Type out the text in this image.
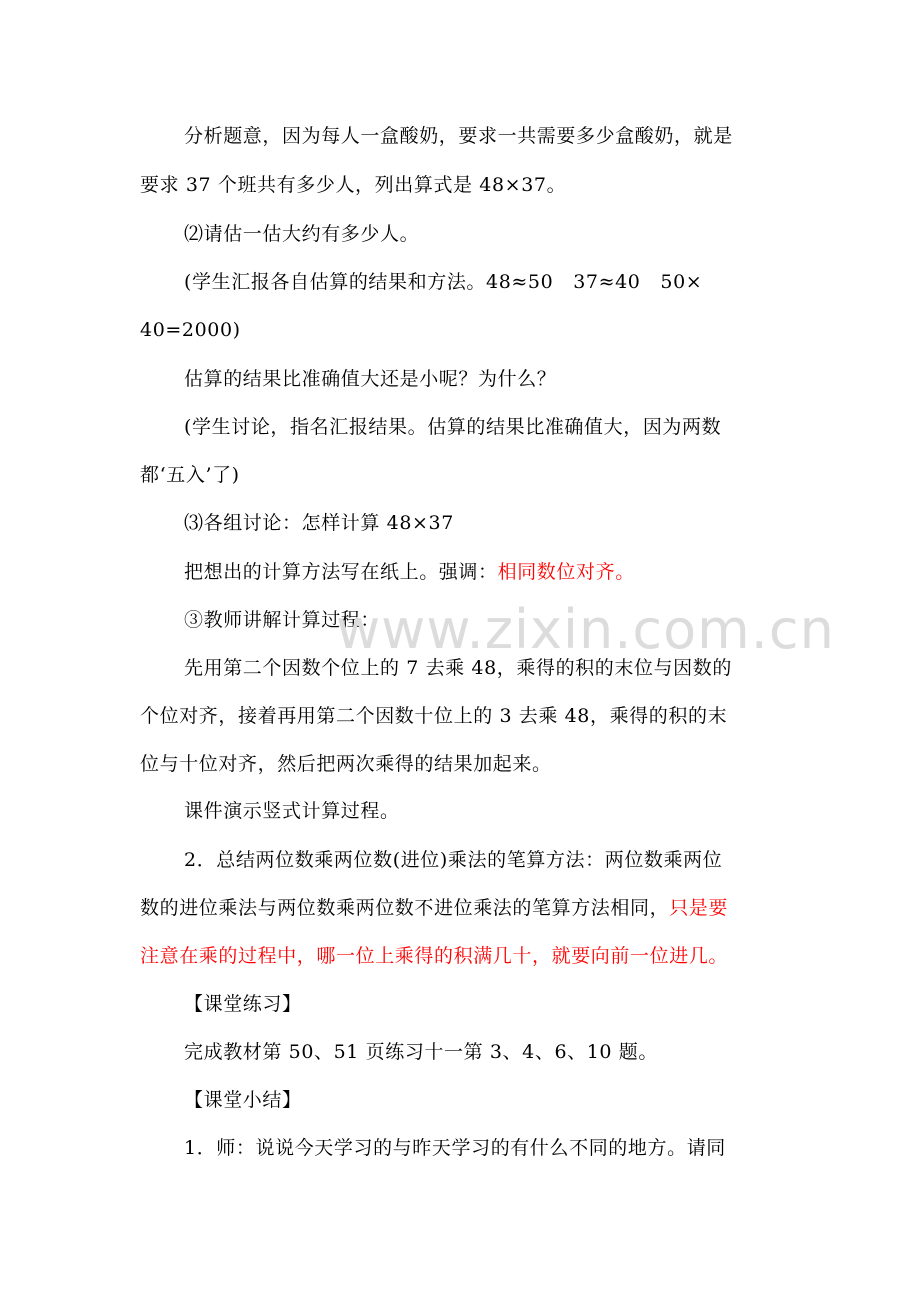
分析题意，因为每人一盒酸奶，要求一共需要多少盒酸奶，就是
要求 37 个班共有多少人，列出算式是 48×37。
⑵请估一估大约有多少人。
(学生汇报各自估算的结果和方法。48≈50   37≈40   50×
40=2000)
估算的结果比准确值大还是小呢？为什么？
(学生讨论，指名汇报结果。估算的结果比准确值大，因为两数
都‘五入’了)
⑶各组讨论：怎样计算 48×37
把想出的计算方法写在纸上。强调：相同数位对齐。
③教师讲解计算过程：
www.zixin.com.cn
先用第二个因数个位上的 7 去乘 48，乘得的积的末位与因数的
个位对齐，接着再用第二个因数十位上的 3 去乘 48，乘得的积的末
位与十位对齐，然后把两次乘得的结果加起来。
课件演示竖式计算过程。
2．总结两位数乘两位数(进位)乘法的笔算方法：两位数乘两位
数的进位乘法与两位数乘两位数不进位乘法的笔算方法相同，只是要
注意在乘的过程中，哪一位上乘得的积满几十，就要向前一位进几。
【课堂练习】
完成教材第 50、51 页练习十一第 3、4、6、10 题。
【课堂小结】
1．师：说说今天学习的与昨天学习的有什么不同的地方。请同
